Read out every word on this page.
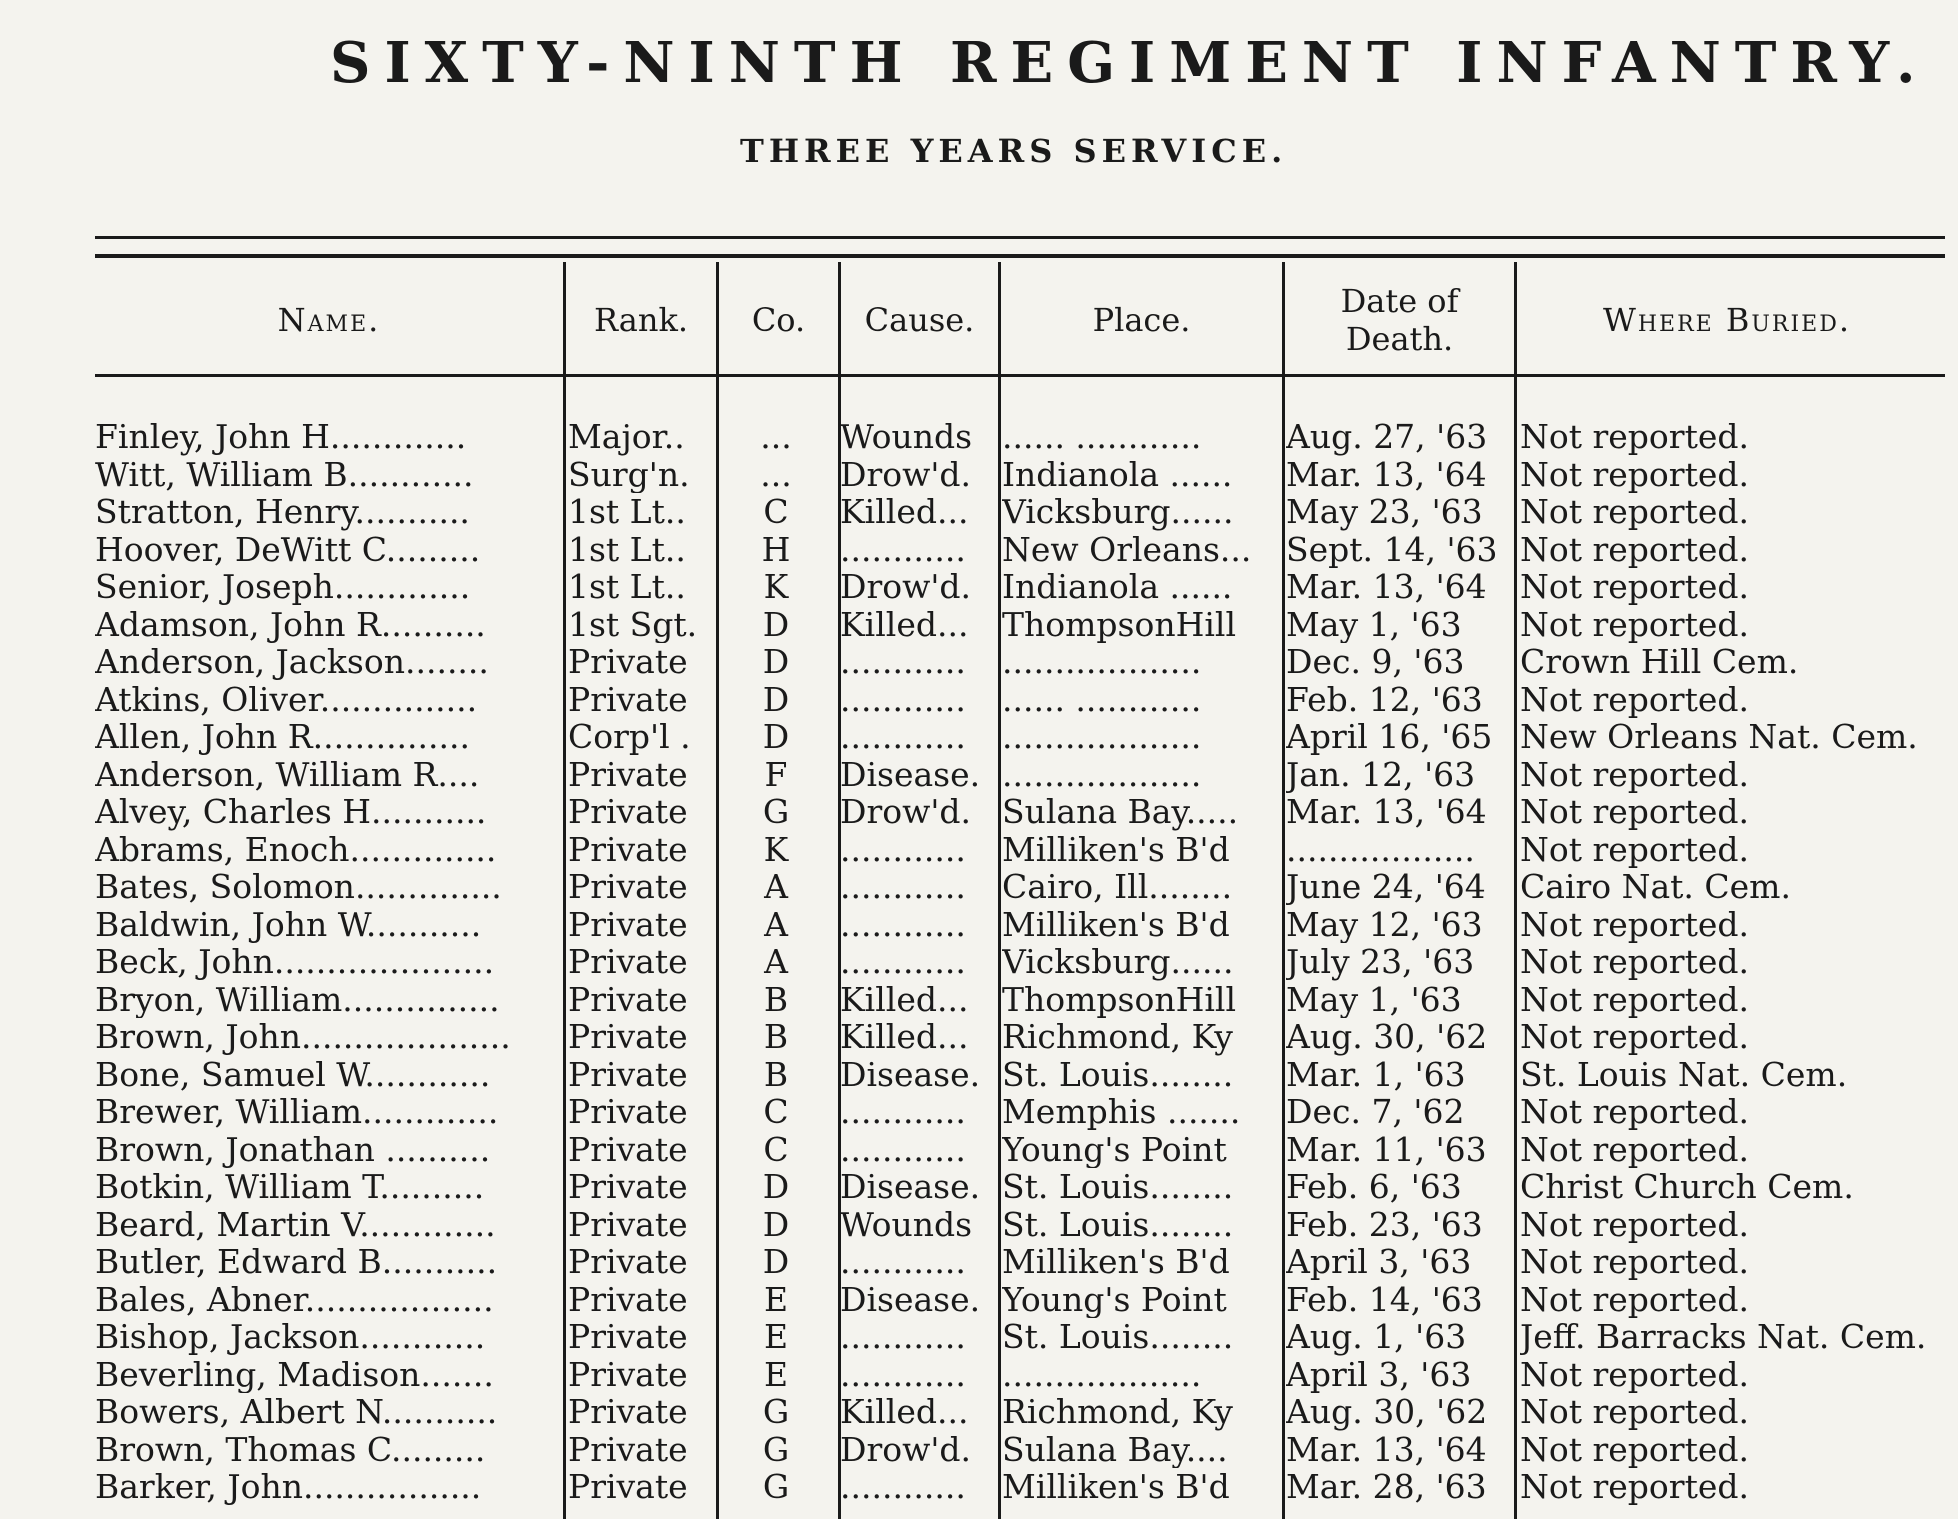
SIXTY-NINTH REGIMENT INFANTRY.
THREE YEARS SERVICE.
Name.	Rank.	Co.	Cause.	Place.	Date of
Death.	Where Buried.
Finley, John H.............	Major..	...	Wounds ...... ............	Aug. 27, '63 Not reported.
Witt, William B............	Surg'n.	...	Drow'd. Indianola ......	Mar. 13, '64	Not reported.
Stratton, Henry...........	1st Lt..	C	Killed...	Vicksburg......	May 23, '63	Not reported.
Hoover, DeWitt C.........	1st Lt..	H	............	New Orleans...	Sept. 14, '63 Not reported.
Senior, Joseph.............	1st Lt..	K	Drow'd. Indianola ......	Mar. 13, '64	Not reported.
Adamson, John R..........	1st Sgt.	D	Killed...	ThompsonHill	May 1, '63	Not reported.
Anderson, Jackson........	Private	D	............	...................	Dec. 9, '63	Crown Hill Cem.
Atkins, Oliver...............	Private	D	............	...... ............	Feb. 12, '63	Not reported.
Allen, John R...............	Corp'l .	D	............	...................	April 16, '65 New Orleans Nat. Cem.
Anderson, William R....	Private	F	Disease. ...................	Jan. 12, '63	Not reported.
Alvey, Charles H...........	Private	G	Drow'd. Sulana Bay.....	Mar. 13, '64	Not reported.
Abrams, Enoch..............	Private	K	............	Milliken's B'd	..................	Not reported.
Bates, Solomon..............	Private	A	............	Cairo, Ill........	June 24, '64	Cairo Nat. Cem.
Baldwin, John W...........	Private	A	............	Milliken's B'd	May 12, '63	Not reported.
Beck, John.....................	Private	A	............	Vicksburg......	July 23, '63	Not reported.
Bryon, William...............	Private	B	Killed...	ThompsonHill	May 1, '63	Not reported.
Brown, John....................	Private	B	Killed...	Richmond, Ky	Aug. 30, '62 Not reported.
Bone, Samuel W............	Private	B	Disease. St. Louis........	Mar. 1, '63	St. Louis Nat. Cem.
Brewer, William.............	Private	C	............	Memphis .......	Dec. 7, '62	Not reported.
Brown, Jonathan ..........	Private	C	............	Young's Point	Mar. 11, '63	Not reported.
Botkin, William T..........	Private	D	Disease. St. Louis........	Feb. 6, '63	Christ Church Cem.
Beard, Martin V.............	Private	D	Wounds St. Louis........	Feb. 23, '63	Not reported.
Butler, Edward B...........	Private	D	............	Milliken's B'd	April 3, '63	Not reported.
Bales, Abner..................	Private	E	Disease. Young's Point	Feb. 14, '63	Not reported.
Bishop, Jackson............	Private	E	............	St. Louis........	Aug. 1, '63	Jeff. Barracks Nat. Cem.
Beverling, Madison.......	Private	E	............	...................	April 3, '63	Not reported.
Bowers, Albert N...........	Private	G	Killed...	Richmond, Ky	Aug. 30, '62 Not reported.
Brown, Thomas C.........	Private	G	Drow'd. Sulana Bay....	Mar. 13, '64	Not reported.
Barker, John.................	Private	G	............	Milliken's B'd	Mar. 28, '63	Not reported.
